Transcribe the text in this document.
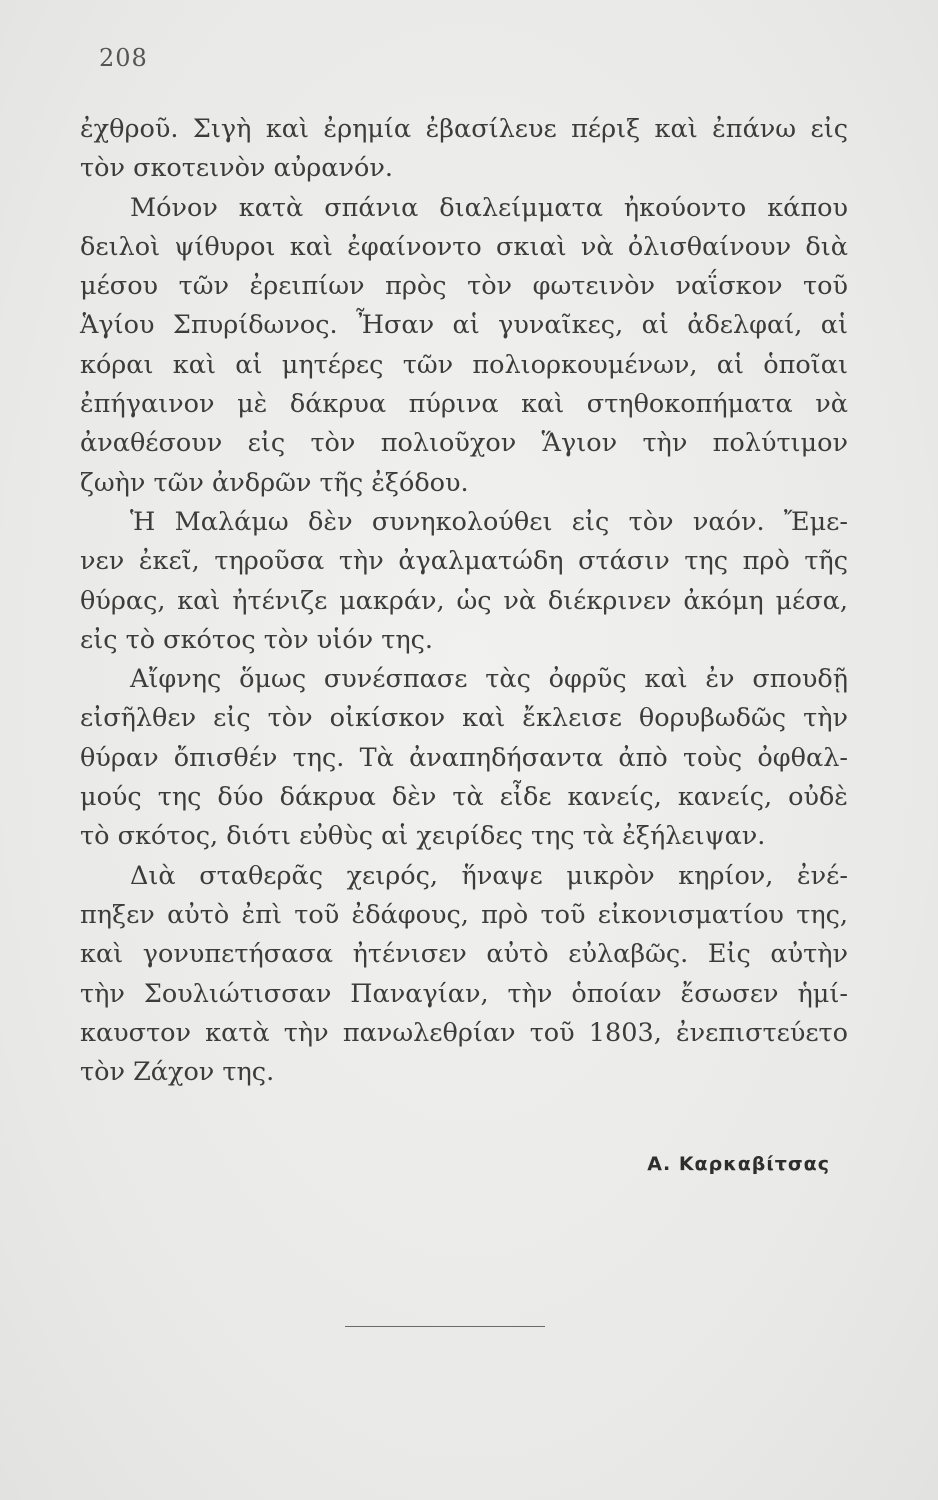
208
ἐχθροῦ. Σιγὴ καὶ ἐρημία ἐβασίλευε πέριξ καὶ ἐπάνω εἰς
τὸν σκοτεινὸν αὐρανόν.
Μόνον κατὰ σπάνια διαλείμματα ἠκούοντο κάπου
δειλοὶ ψίθυροι καὶ ἐφαίνοντο σκιαὶ νὰ ὀλισθαίνουν διὰ
μέσου τῶν ἐρειπίων πρὸς τὸν φωτεινὸν ναΐσκον τοῦ
Ἁγίου Σπυρίδωνος. Ἦσαν αἱ γυναῖκες, αἱ ἀδελφαί, αἱ
κόραι καὶ αἱ μητέρες τῶν πολιορκουμένων, αἱ ὁποῖαι
ἐπήγαινον μὲ δάκρυα πύρινα καὶ στηθοκοπήματα νὰ
ἀναθέσουν εἰς τὸν πολιοῦχον Ἅγιον τὴν πολύτιμον
ζωὴν τῶν ἀνδρῶν τῆς ἐξόδου.
Ἡ Μαλάμω δὲν συνηκολούθει εἰς τὸν ναόν. Ἔμε-
νεν ἐκεῖ, τηροῦσα τὴν ἀγαλματώδη στάσιν της πρὸ τῆς
θύρας, καὶ ἠτένιζε μακράν, ὡς νὰ διέκρινεν ἀκόμη μέσα,
εἰς τὸ σκότος τὸν υἱόν της.
Αἴφνης ὅμως συνέσπασε τὰς ὀφρῦς καὶ ἐν σπουδῇ
εἰσῆλθεν εἰς τὸν οἰκίσκον καὶ ἔκλεισε θορυβωδῶς τὴν
θύραν ὄπισθέν της. Τὰ ἀναπηδήσαντα ἀπὸ τοὺς ὀφθαλ-
μούς της δύο δάκρυα δὲν τὰ εἶδε κανείς, κανείς, οὐδὲ
τὸ σκότος, διότι εὐθὺς αἱ χειρίδες της τὰ ἐξήλειψαν.
Διὰ σταθερᾶς χειρός, ἥναψε μικρὸν κηρίον, ἐνέ-
πηξεν αὐτὸ ἐπὶ τοῦ ἐδάφους, πρὸ τοῦ εἰκονισματίου της,
καὶ γονυπετήσασα ἠτένισεν αὐτὸ εὐλαβῶς. Εἰς αὐτὴν
τὴν Σουλιώτισσαν Παναγίαν, τὴν ὁποίαν ἔσωσεν ἡμί-
καυστον κατὰ τὴν πανωλεθρίαν τοῦ 1803, ἐνεπιστεύετο
τὸν Ζάχον της.
Α. Καρκαβίτσας
